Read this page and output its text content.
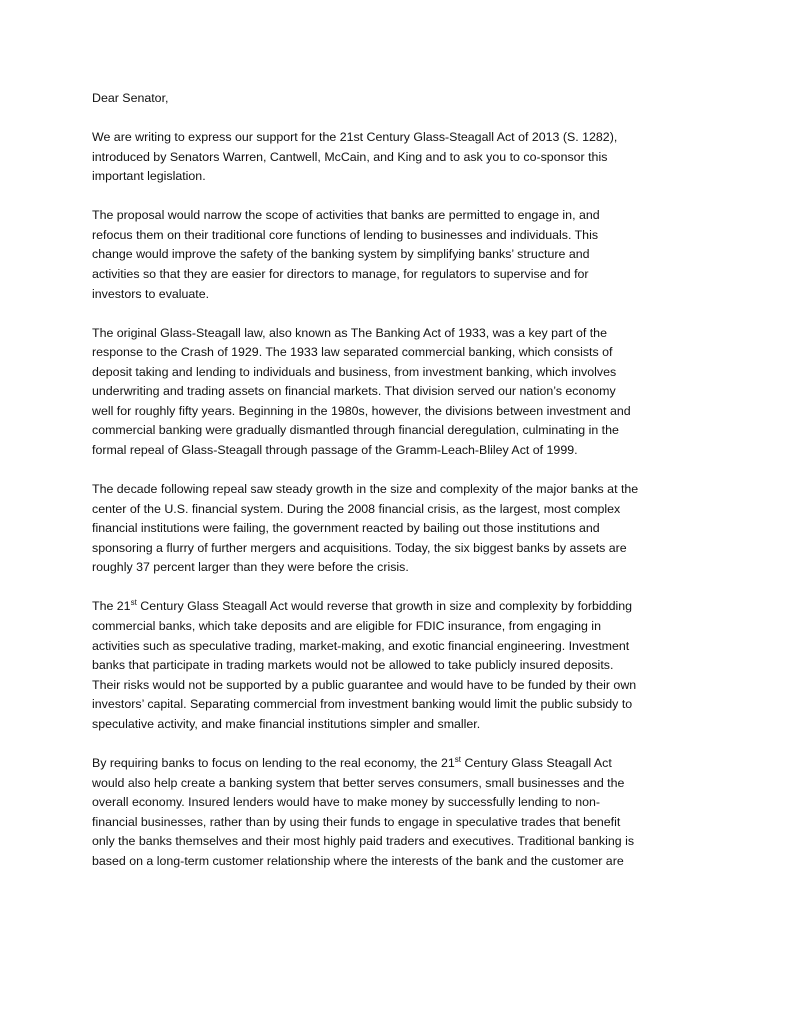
Dear Senator,

We are writing to express our support for the 21st Century Glass-Steagall Act of 2013 (S. 1282),
introduced by Senators Warren, Cantwell, McCain, and King and to ask you to co-sponsor this
important legislation.

The proposal would narrow the scope of activities that banks are permitted to engage in, and
refocus them on their traditional core functions of lending to businesses and individuals. This
change would improve the safety of the banking system by simplifying banks’ structure and
activities so that they are easier for directors to manage, for regulators to supervise and for
investors to evaluate.

The original Glass-Steagall law, also known as The Banking Act of 1933, was a key part of the
response to the Crash of 1929. The 1933 law separated commercial banking, which consists of
deposit taking and lending to individuals and business, from investment banking, which involves
underwriting and trading assets on financial markets. That division served our nation’s economy
well for roughly fifty years. Beginning in the 1980s, however, the divisions between investment and
commercial banking were gradually dismantled through financial deregulation, culminating in the
formal repeal of Glass-Steagall through passage of the Gramm-Leach-Bliley Act of 1999.

The decade following repeal saw steady growth in the size and complexity of the major banks at the
center of the U.S. financial system. During the 2008 financial crisis, as the largest, most complex
financial institutions were failing, the government reacted by bailing out those institutions and
sponsoring a flurry of further mergers and acquisitions. Today, the six biggest banks by assets are
roughly 37 percent larger than they were before the crisis.

The 21st Century Glass Steagall Act would reverse that growth in size and complexity by forbidding
commercial banks, which take deposits and are eligible for FDIC insurance, from engaging in
activities such as speculative trading, market-making, and exotic financial engineering. Investment
banks that participate in trading markets would not be allowed to take publicly insured deposits.
Their risks would not be supported by a public guarantee and would have to be funded by their own
investors’ capital. Separating commercial from investment banking would limit the public subsidy to
speculative activity, and make financial institutions simpler and smaller.

By requiring banks to focus on lending to the real economy, the 21st Century Glass Steagall Act
would also help create a banking system that better serves consumers, small businesses and the
overall economy. Insured lenders would have to make money by successfully lending to non-
financial businesses, rather than by using their funds to engage in speculative trades that benefit
only the banks themselves and their most highly paid traders and executives. Traditional banking is
based on a long-term customer relationship where the interests of the bank and the customer are
